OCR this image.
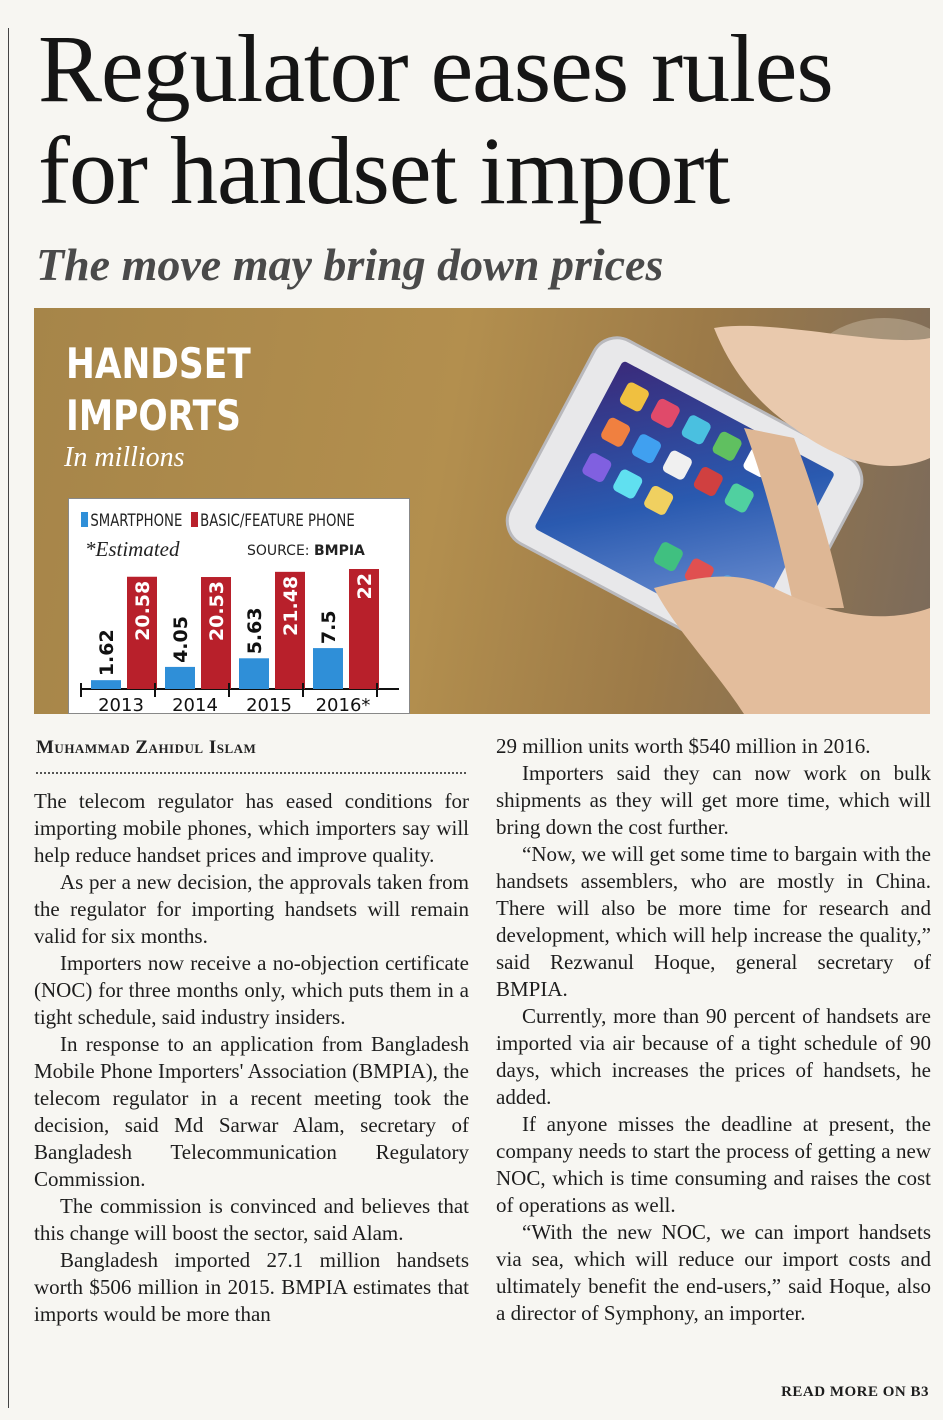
Regulator eases rules for handset import
The move may bring down prices
HANDSET
IMPORTS
In millions
1.62
20.58
2013
4.05 20.53
2014
5.63 21.48
2015
7.5
22
2016*
SMARTPHONE BASIC/FEATURE PHONE
*Estimated	SOURCE: BMPIA
Muhammad Zahidul Islam

The telecom regulator has eased conditions for importing mobile phones, which importers say will help reduce handset prices and improve quality.

As per a new decision, the approvals taken from the regulator for importing handsets will remain valid for six months.

Importers now receive a no-objection certificate (NOC) for three months only, which puts them in a tight schedule, said industry insiders.

In response to an application from Bangladesh Mobile Phone Importers' Association (BMPIA), the telecom regulator in a recent meeting took the decision, said Md Sarwar Alam, secretary of Bangladesh Telecommunication Regulatory Commission.

The commission is convinced and believes that this change will boost the sector, said Alam.

Bangladesh imported 27.1 million handsets worth $506 million in 2015. BMPIA estimates that imports would be more than

29 million units worth $540 million in 2016.

Importers said they can now work on bulk shipments as they will get more time, which will bring down the cost further.

“Now, we will get some time to bargain with the handsets assemblers, who are mostly in China. There will also be more time for research and development, which will help increase the quality,” said Rezwanul Hoque, general secretary of BMPIA.

Currently, more than 90 percent of handsets are imported via air because of a tight schedule of 90 days, which increases the prices of handsets, he added.

If anyone misses the deadline at present, the company needs to start the process of getting a new NOC, which is time consuming and raises the cost of operations as well.

“With the new NOC, we can import handsets via sea, which will reduce our import costs and ultimately benefit the end-users,” said Hoque, also a director of Symphony, an importer.

READ MORE ON B3
